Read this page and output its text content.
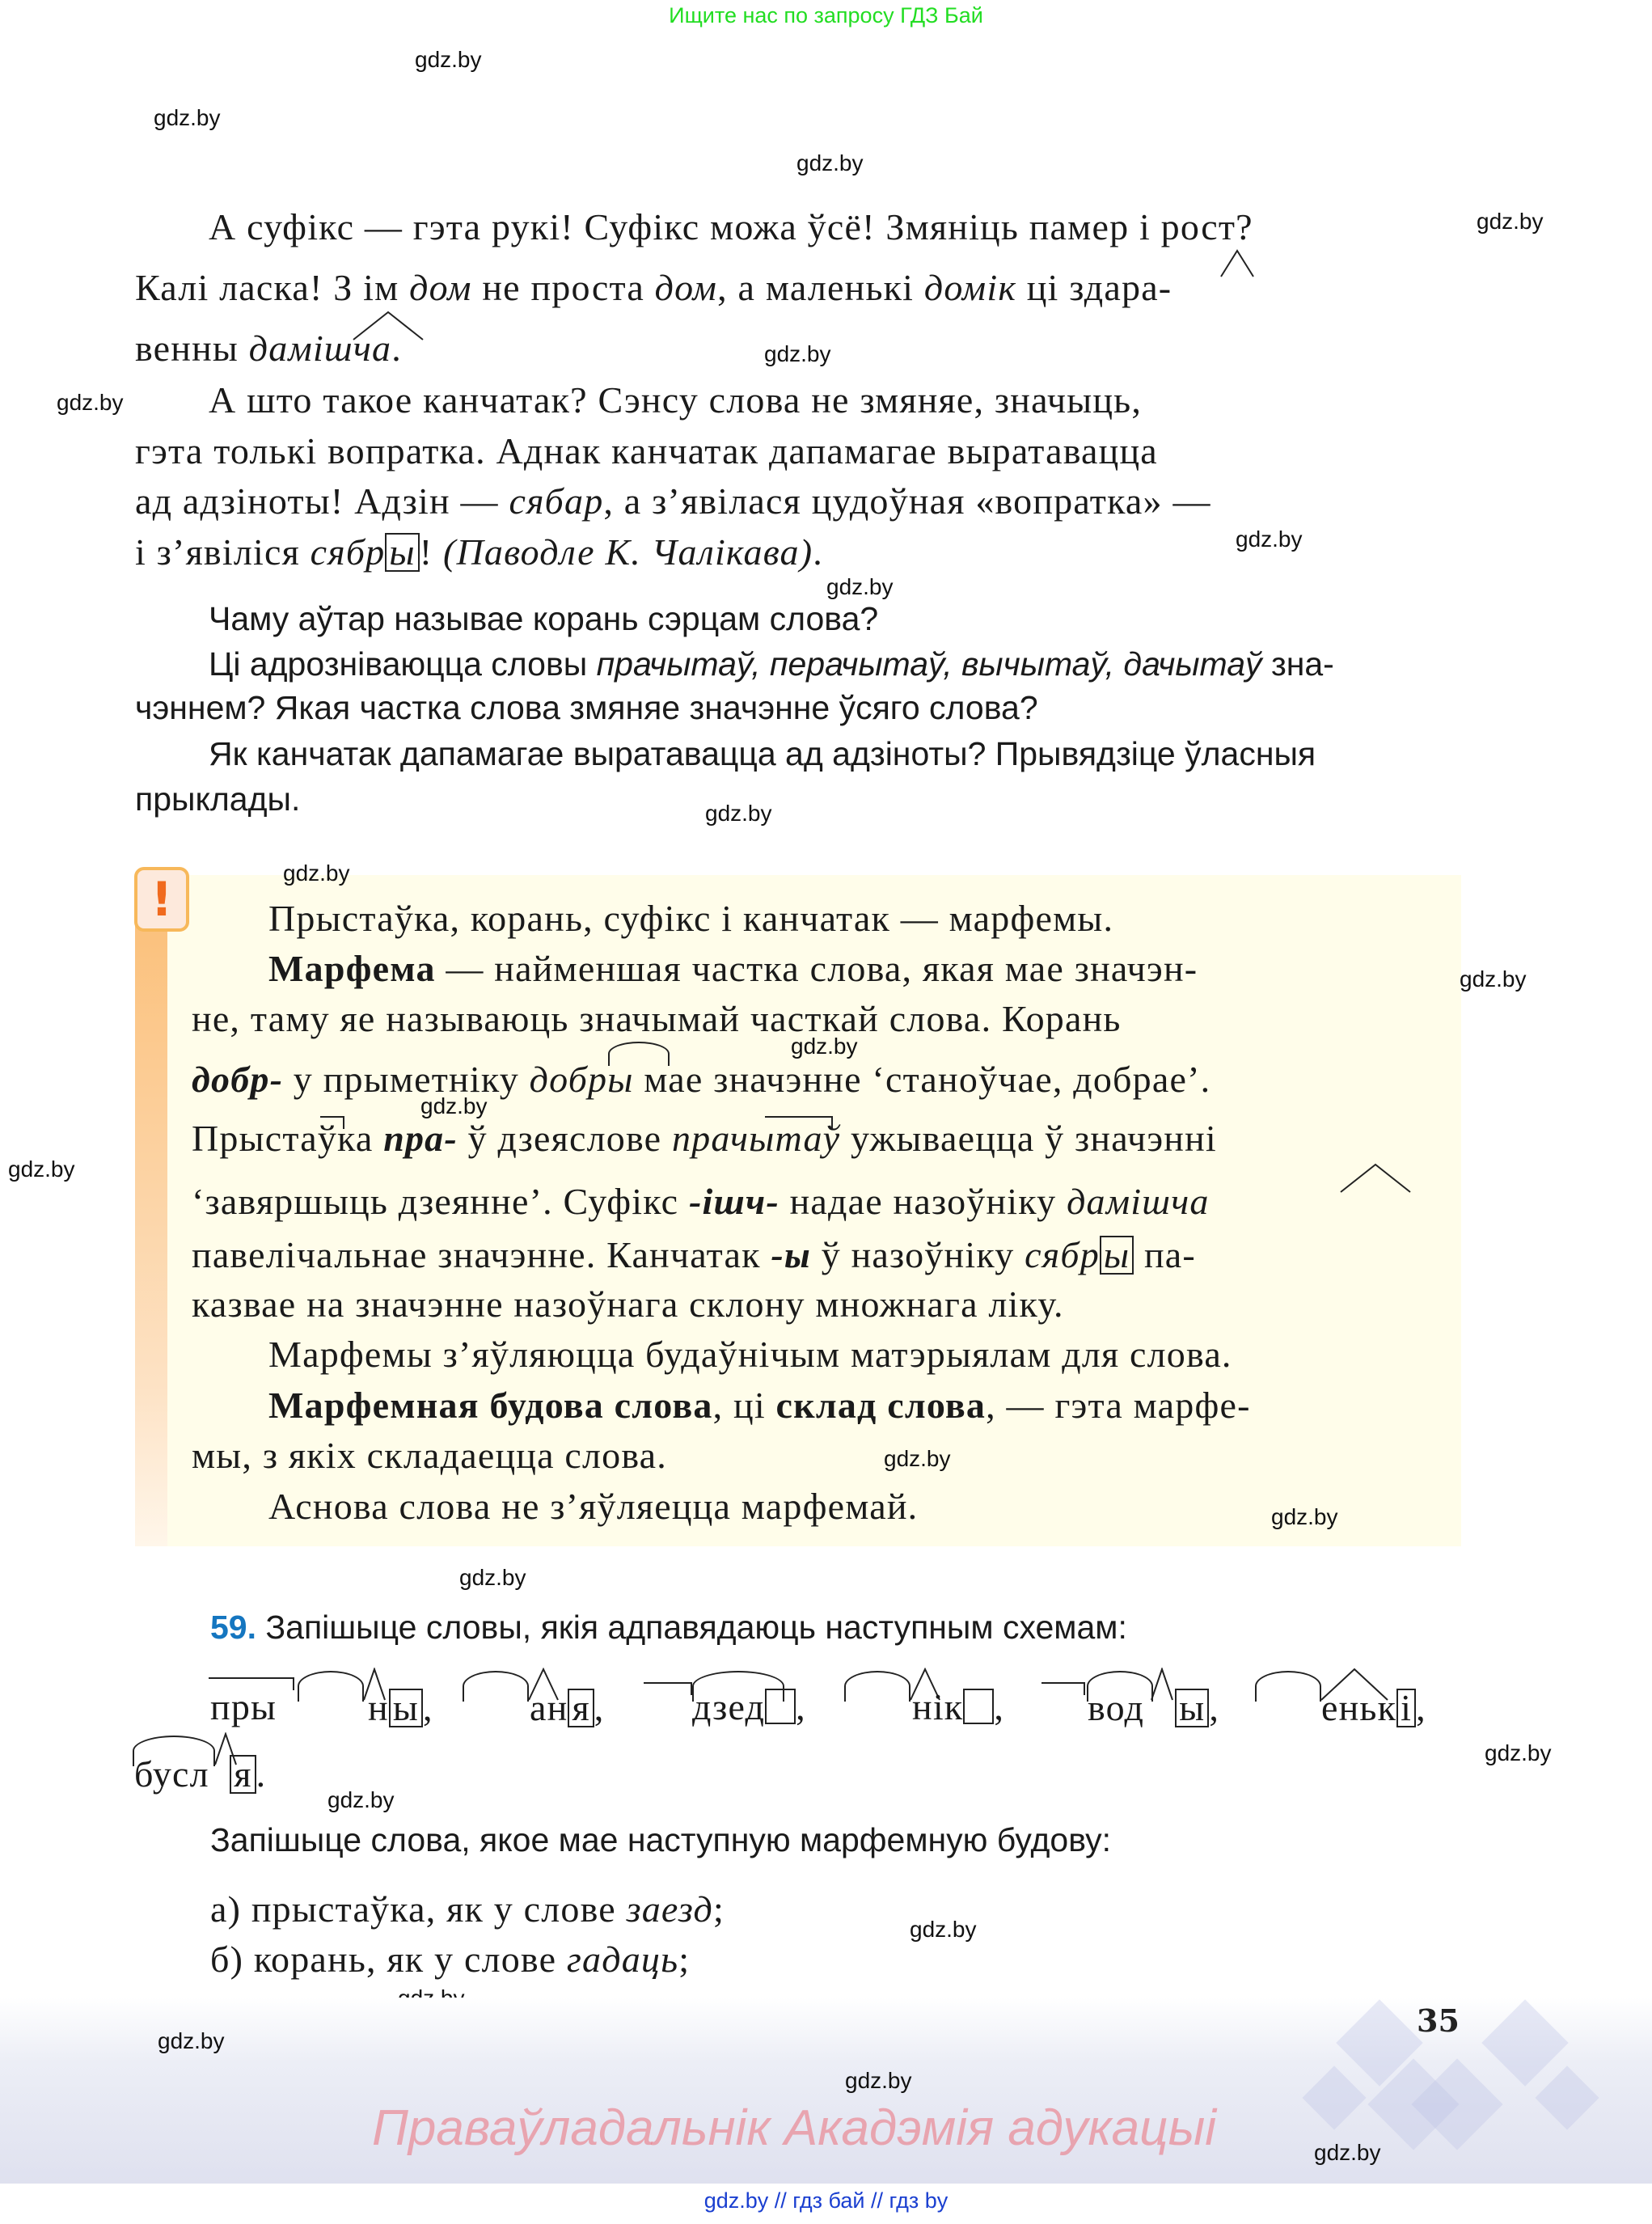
Ищите нас по запросу ГДЗ Бай
gdz.by
gdz.by
gdz.by
gdz.by
gdz.by
gdz.by
gdz.by
gdz.by
gdz.by
А суфікс — гэта рукі! Суфікс можа ўсё! Змяніць памер і рост?
Калі ласка! З ім дом не проста дом, а маленькі домік ці здара-
венны дамішча.
А што такое канчатак? Сэнсу слова не змяняе, значыць,
гэта толькі вопратка. Аднак канчатак дапамагае выратавацца
ад адзіноты! Адзін — сябар, а з’явілася цудоўная «вопратка» —
і з’явіліся сябр ы ! (Паводле К. Чалікава).
Чаму аўтар называе корань сэрцам слова?
Ці адрозніваюцца словы прачытаў, перачытаў, вычытаў, дачытаў зна-
чэннем? Якая частка слова змяняе значэнне ўсяго слова?
Як канчатак дапамагае выратавацца ад адзіноты? Прывядзіце ўласныя
прыклады.
!	gdz.by
gdz.by
gdz.by
gdz.by
gdz.by
Прыстаўка, корань, суфікс і канчатак — марфемы.
Марфема — найменшая частка слова, якая мае значэн-
не, таму яе называюць значымай часткай слова. Корань
добр- у прыметніку добры мае значэнне ‘станоўчае, добрае’.
Прыстаўка пра- ў дзеяслове прачытаў ужываецца ў значэнні
‘завяршыць дзеянне’. Суфікс -ішч- надае назоўніку дамішча
павелічальнае значэнне. Канчатак -ы ў назоўніку сябр ы па-
казвае на значэнне назоўнага склону множнага ліку.
Марфемы з’яўляюцца будаўнічым матэрыялам для слова.
Марфемная будова слова, ці склад слова, — гэта марфе-
мы, з якіх складаецца слова.	gdz.by
Аснова слова не з’яўляецца марфемай.	gdz.by
gdz.by
59. Запішыце словы, якія адпавядаюць наступным схемам:
пры н ы ,	ан я , дзед ,	нік , вод ы ,	еньк і ,
бусл я .
gdz.by
gdz.by
Запішыце слова, якое мае наступную марфемную будову:
а) прыстаўка, як у слове заезд;	gdz.by
б) корань, як у слове гадаць;
35
gdz.by
gdz.by
Праваўладальнік Акадэмія адукацыі	gdz.by
gdz.by // гдз бай // гдз by
